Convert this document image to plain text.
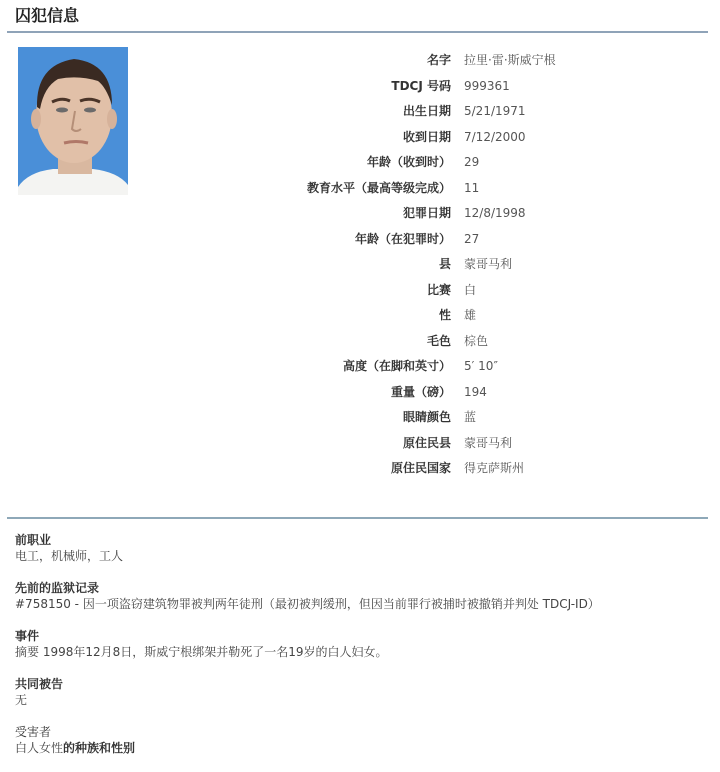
囚犯信息
名字 拉里·雷·斯威宁根
TDCJ 号码 999361
出生日期 5/21/1971
收到日期 7/12/2000
年龄（收到时） 29
教育水平（最高等级完成） 11
犯罪日期 12/8/1998
年龄（在犯罪时） 27
县 蒙哥马利
比赛 白
性 雄
毛色 棕色
高度（在脚和英寸） 5′ 10″
重量（磅） 194
眼睛颜色 蓝
原住民县 蒙哥马利
原住民国家 得克萨斯州
前职业
电工，机械师，工人
先前的监狱记录
#758150 - 因一项盗窃建筑物罪被判两年徒刑（最初被判缓刑，但因当前罪行被捕时被撤销并判处 TDCJ-ID）
事件
摘要 1998年12月8日，斯威宁根绑架并勒死了一名19岁的白人妇女。
共同被告
无
受害者
白人女性的种族和性别
